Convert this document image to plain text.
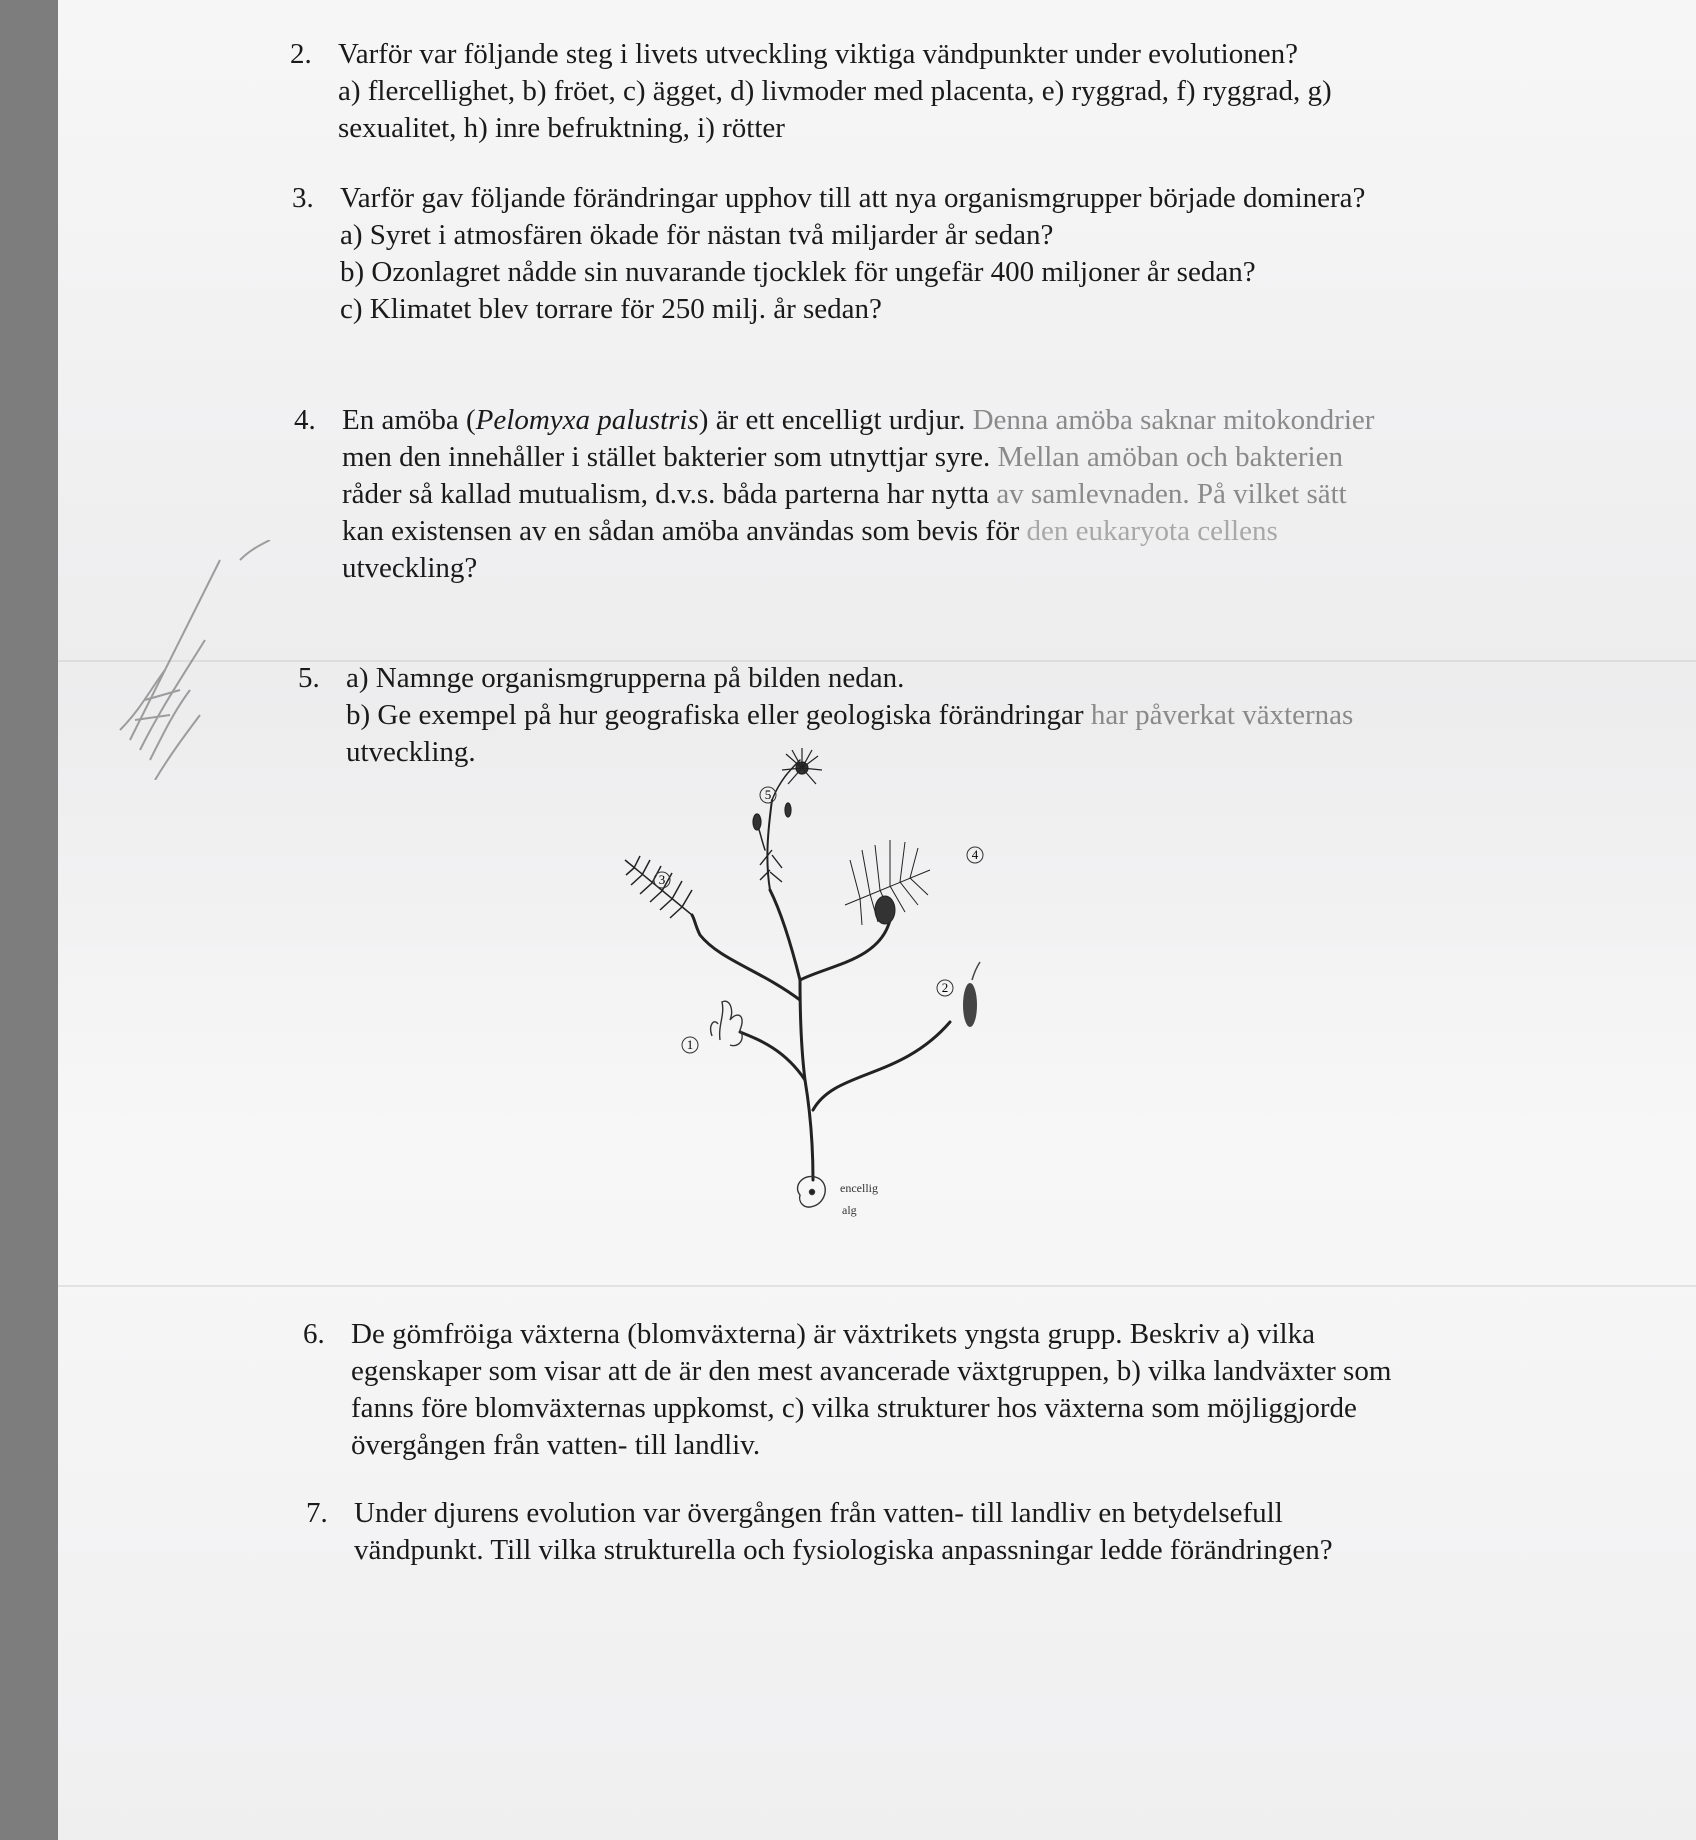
2. Varför var följande steg i livets utveckling viktiga vändpunkter under evolutionen?
a) flercellighet, b) fröet, c) ägget, d) livmoder med placenta, e) ryggrad, f) ryggrad, g)
sexualitet, h) inre befruktning, i) rötter
3. Varför gav följande förändringar upphov till att nya organismgrupper började dominera?
a) Syret i atmosfären ökade för nästan två miljarder år sedan?
b) Ozonlagret nådde sin nuvarande tjocklek för ungefär 400 miljoner år sedan?
c) Klimatet blev torrare för 250 milj. år sedan?
4. En amöba (Pelomyxa palustris) är ett encelligt urdjur. Denna amöba saknar mitokondrier
men den innehåller i stället bakterier som utnyttjar syre. Mellan amöban och bakterien
råder så kallad mutualism, d.v.s. båda parterna har nytta av samlevnaden. På vilket sätt
kan existensen av en sådan amöba användas som bevis för den eukaryota cellens
utveckling?
5. a) Namnge organismgrupperna på bilden nedan.
b) Ge exempel på hur geografiska eller geologiska förändringar har påverkat växternas
utveckling.
1
2
3
4
5
encellig
alg
6. De gömfröiga växterna (blomväxterna) är växtrikets yngsta grupp. Beskriv a) vilka
egenskaper som visar att de är den mest avancerade växtgruppen, b) vilka landväxter som
fanns före blomväxternas uppkomst, c) vilka strukturer hos växterna som möjliggjorde
övergången från vatten- till landliv.
7. Under djurens evolution var övergången från vatten- till landliv en betydelsefull
vändpunkt. Till vilka strukturella och fysiologiska anpassningar ledde förändringen?
